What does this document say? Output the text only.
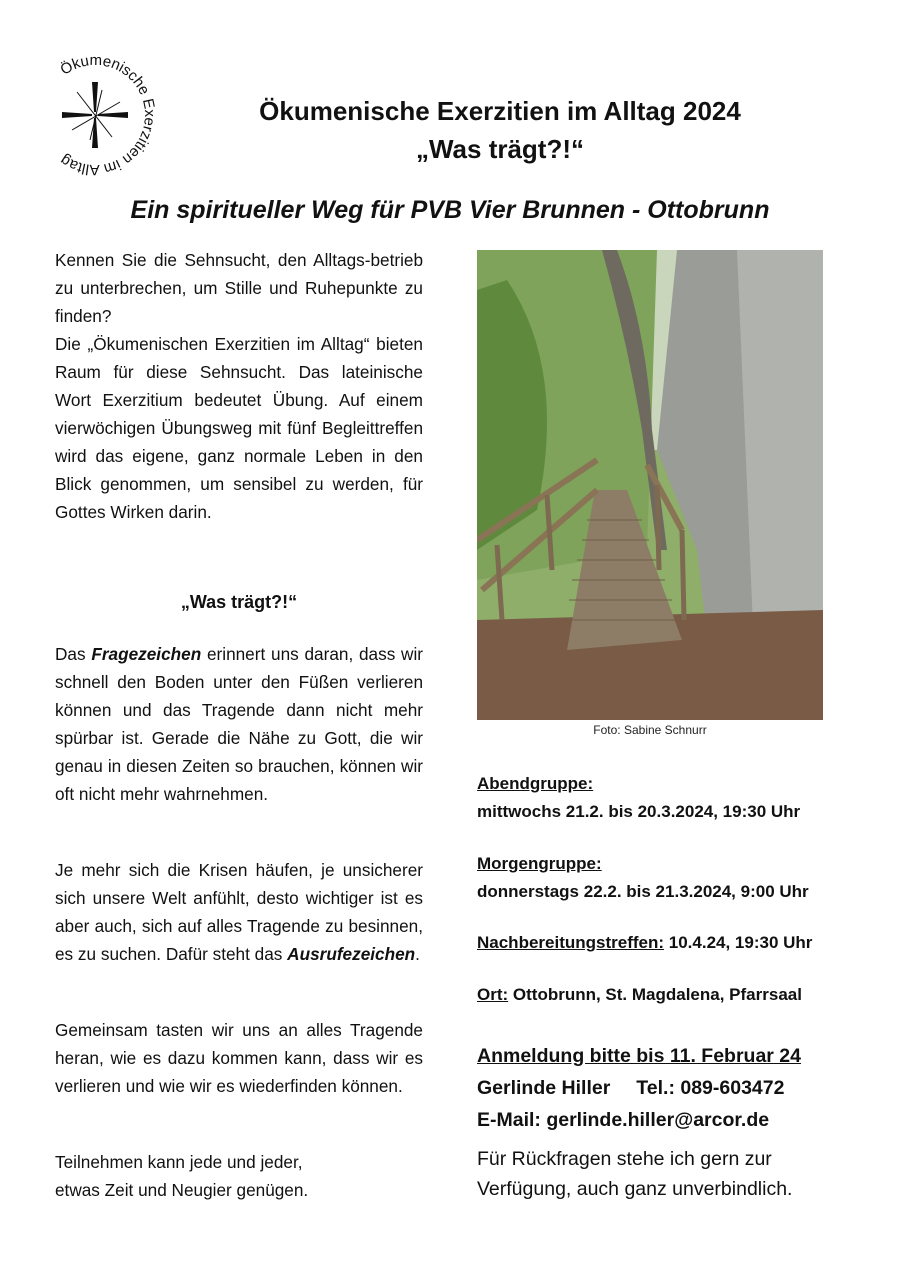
Ökumenische Exerzitien im Alltag
Ökumenische Exerzitien im Alltag 2024
„Was trägt?!“
Ein spiritueller Weg für PVB Vier Brunnen - Ottobrunn

Kennen Sie die Sehnsucht, den Alltags-betrieb zu unterbrechen, um Stille und Ruhepunkte zu finden?

Die „Ökumenischen Exerzitien im Alltag“ bieten Raum für diese Sehnsucht. Das lateinische Wort Exerzitium bedeutet Übung. Auf einem vierwöchigen Übungsweg mit fünf Begleittreffen wird das eigene, ganz normale Leben in den Blick genommen, um sensibel zu werden, für Gottes Wirken darin.

„Was trägt?!“

Das Fragezeichen erinnert uns daran, dass wir schnell den Boden unter den Füßen verlieren können und das Tragende dann nicht mehr spürbar ist. Gerade die Nähe zu Gott, die wir genau in diesen Zeiten so brauchen, können wir oft nicht mehr wahrnehmen.

Je mehr sich die Krisen häufen, je unsicherer sich unsere Welt anfühlt, desto wichtiger ist es aber auch, sich auf alles Tragende zu besinnen, es zu suchen. Dafür steht das Ausrufezeichen.

Gemeinsam tasten wir uns an alles Tragende heran, wie es dazu kommen kann, dass wir es verlieren und wie wir es wiederfinden können.

Teilnehmen kann jede und jeder,

etwas Zeit und Neugier genügen.

Foto: Sabine Schnurr
Abendgruppe:
mittwochs 21.2. bis 20.3.2024, 19:30 Uhr
Morgengruppe:
donnerstags 22.2. bis 21.3.2024, 9:00 Uhr
Nachbereitungstreffen: 10.4.24, 19:30 Uhr
Ort: Ottobrunn, St. Magdalena, Pfarrsaal
Anmeldung bitte bis 11. Februar 24
Gerlinde Hiller Tel.: 089-603472
E-Mail: gerlinde.hiller@arcor.de
Für Rückfragen stehe ich gern zur
Verfügung, auch ganz unverbindlich.
